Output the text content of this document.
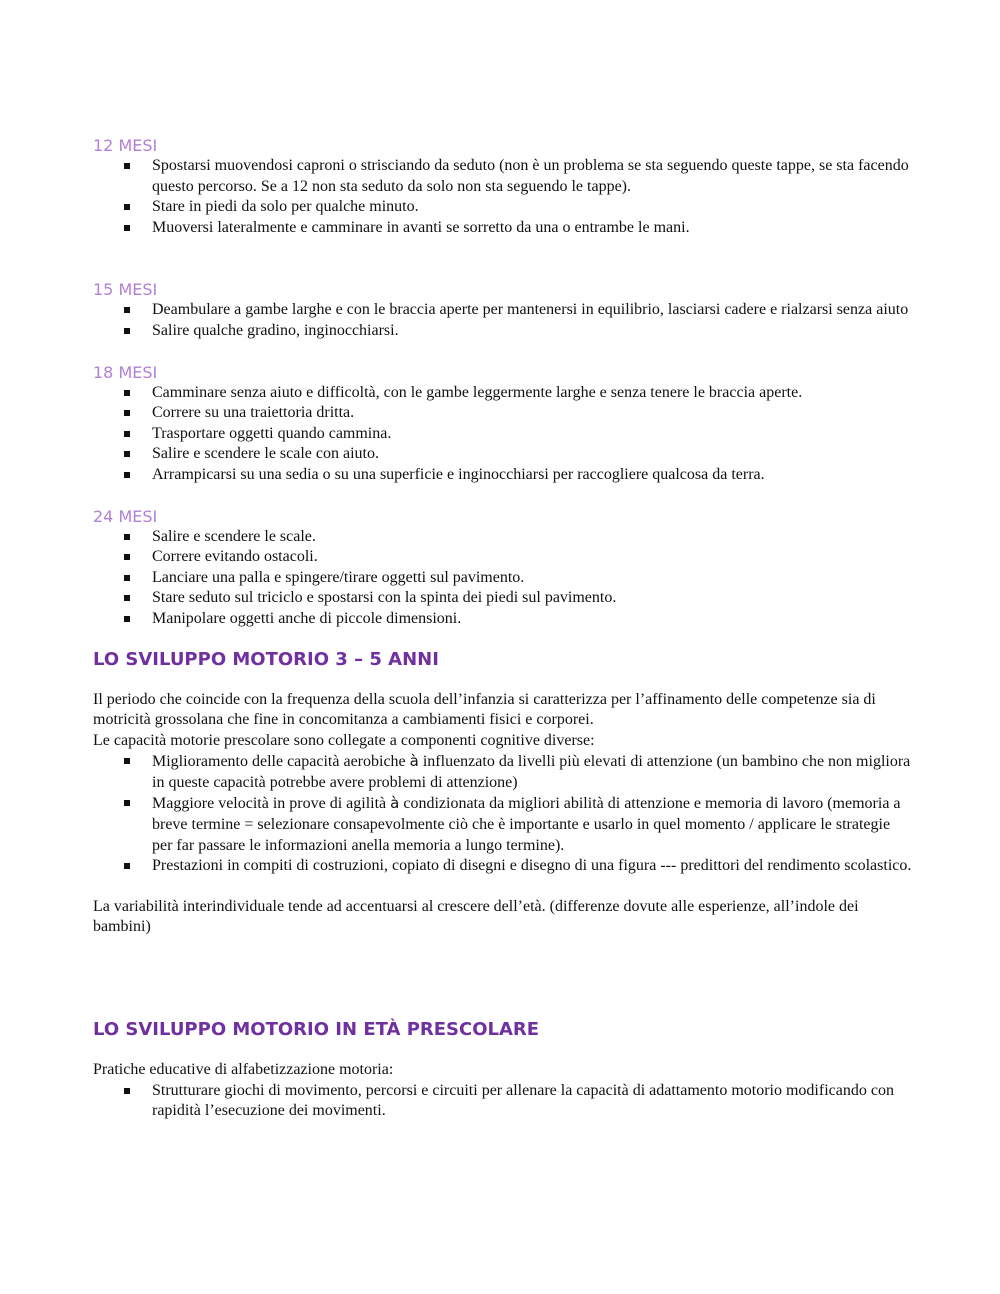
12 MESI
Spostarsi muovendosi caproni o strisciando da seduto (non è un problema se sta seguendo queste tappe, se sta facendo questo percorso. Se a 12 non sta seduto da solo non sta seguendo le tappe).
Stare in piedi da solo per qualche minuto.
Muoversi lateralmente e camminare in avanti se sorretto da una o entrambe le mani.
15 MESI
Deambulare a gambe larghe e con le braccia aperte per mantenersi in equilibrio, lasciarsi cadere e rialzarsi senza aiuto
Salire qualche gradino, inginocchiarsi.
18 MESI
Camminare senza aiuto e difficoltà, con le gambe leggermente larghe e senza tenere le braccia aperte.
Correre su una traiettoria dritta.
Trasportare oggetti quando cammina.
Salire e scendere le scale con aiuto.
Arrampicarsi su una sedia o su una superficie e inginocchiarsi per raccogliere qualcosa da terra.
24 MESI
Salire e scendere le scale.
Correre evitando ostacoli.
Lanciare una palla e spingere/tirare oggetti sul pavimento.
Stare seduto sul triciclo e spostarsi con la spinta dei piedi sul pavimento.
Manipolare oggetti anche di piccole dimensioni.
LO SVILUPPO MOTORIO 3 – 5 ANNI

Il periodo che coincide con la frequenza della scuola dell’infanzia si caratterizza per l’affinamento delle competenze sia di motricità grossolana che fine in concomitanza a cambiamenti fisici e corporei.

Le capacità motorie prescolare sono collegate a componenti cognitive diverse:

Miglioramento delle capacità aerobiche à influenzato da livelli più elevati di attenzione (un bambino che non migliora in queste capacità potrebbe avere problemi di attenzione)
Maggiore velocità in prove di agilità à condizionata da migliori abilità di attenzione e memoria di lavoro (memoria a breve termine = selezionare consapevolmente ciò che è importante e usarlo in quel momento / applicare le strategie per far passare le informazioni anella memoria a lungo termine).
Prestazioni in compiti di costruzioni, copiato di disegni e disegno di una figura --- predittori del rendimento scolastico.

La variabilità interindividuale tende ad accentuarsi al crescere dell’età. (differenze dovute alle esperienze, all’indole dei bambini)

LO SVILUPPO MOTORIO IN ETÀ PRESCOLARE

Pratiche educative di alfabetizzazione motoria:

Strutturare giochi di movimento, percorsi e circuiti per allenare la capacità di adattamento motorio modificando con rapidità l’esecuzione dei movimenti.
